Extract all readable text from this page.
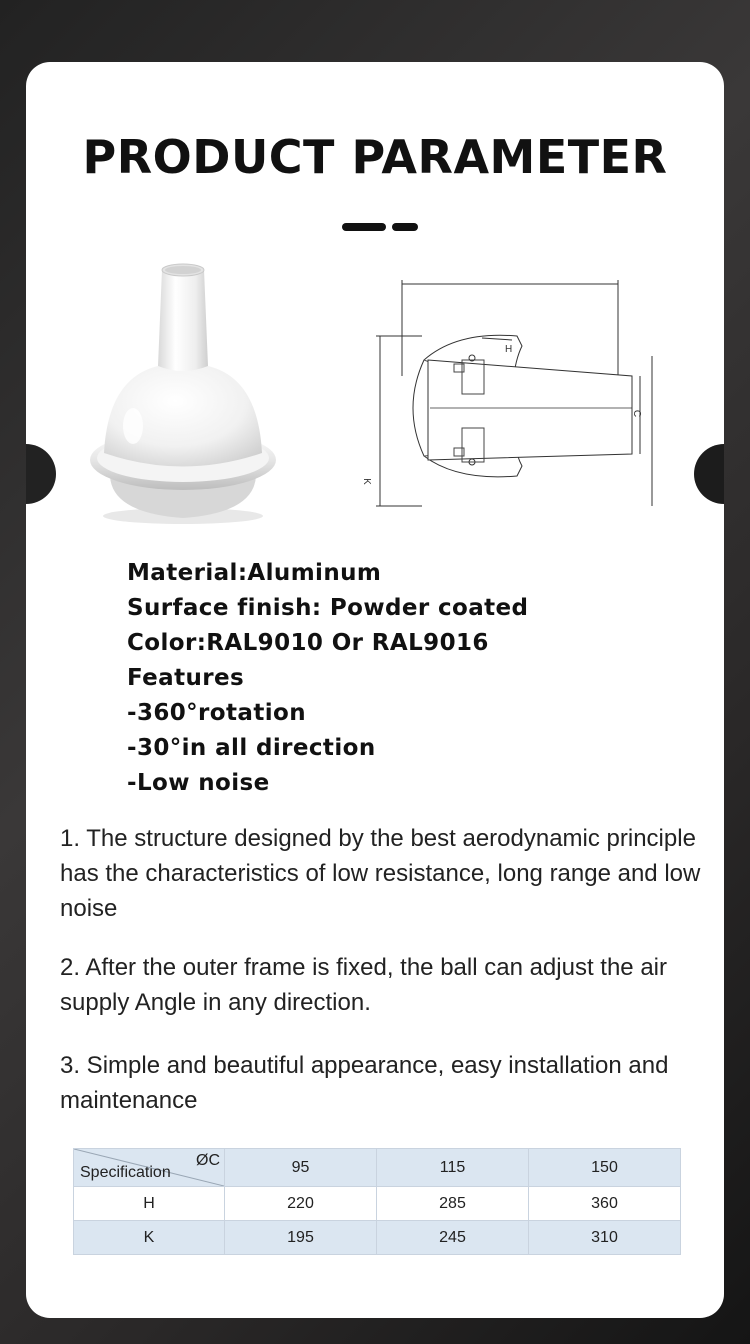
PRODUCT PARAMETER
H
C
K
Material:Aluminum
Surface finish: Powder coated
Color:RAL9010 Or RAL9016
Features
-360°rotation
-30°in all direction
-Low noise

1. The structure designed by the best aerodynamic principle has the characteristics of low resistance, long range and low noise

2. After the outer frame is fixed, the ball can adjust the air supply Angle in any direction.

3. Simple and beautiful appearance, easy installation and maintenance

ØC
Specification	95	115	150
H	220	285	360
K	195	245	310
